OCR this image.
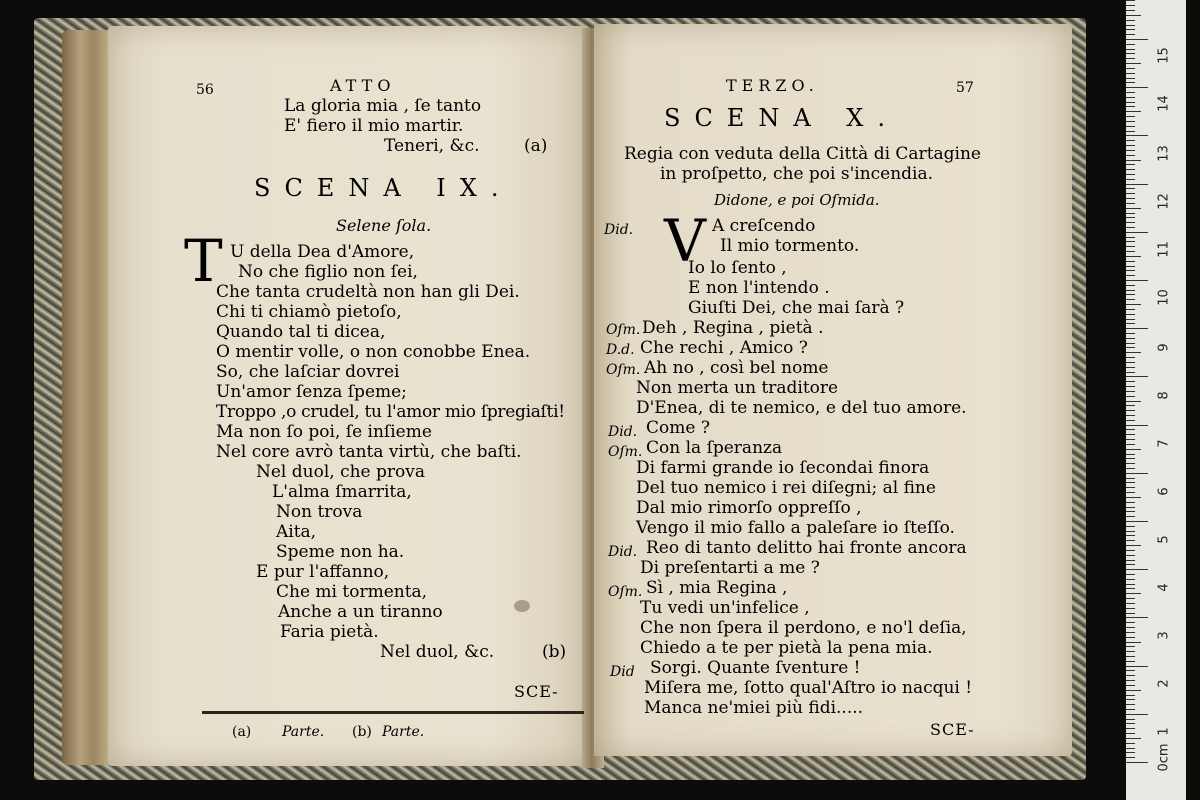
56	ATTO
La gloria mia , ſe tanto
E' fiero il mio martir.
Teneri, &c.	(a)
SCENA IX.
Selene ſola.
T U della Dea d'Amore,
No che figlio non ſei,
Che tanta crudeltà non han gli Dei.
Chi ti chiamò pietoſo,
Quando tal ti dicea,
O mentir volle, o non conobbe Enea.
So, che laſciar dovrei
Un'amor ſenza ſpeme;
Troppo ,o crudel, tu l'amor mio ſpregiaſti!
Ma non ſo poi, ſe inſieme
Nel core avrò tanta virtù, che baſti.
Nel duol, che prova
L'alma ſmarrita,
Non trova
Aita,
Speme non ha.
E pur l'affanno,
Che mi tormenta,
Anche a un tiranno
Faria pietà.
Nel duol, &c.	(b)
SCE-
(a) Parte. (b) Parte.
TERZO.	57
SCENA X.
Regia con veduta della Città di Cartagine
in proſpetto, che poi s'incendia.
Didone, e poi Oſmida.
V
Did.	A creſcendo
Il mio tormento.
Io lo ſento ,
E non l'intendo .
Giuſti Dei, che mai ſarà ?
Oſm. Deh , Regina , pietà .
D.d. Che rechi , Amico ?
Oſm. Ah no , così bel nome
Non merta un traditore
D'Enea, di te nemico, e del tuo amore.
Did. Come ?
Oſm. Con la ſperanza
Di farmi grande io ſecondai finora
Del tuo nemico i rei diſegni; al fine
Dal mio rimorſo oppreſſo ,
Vengo il mio fallo a paleſare io ſteſſo.
Did. Reo di tanto delitto hai fronte ancora
Di preſentarti a me ?
Oſm. Sì , mia Regina ,
Tu vedi un'infelice ,
Che non ſpera il perdono, e no'l deſia,
Chiedo a te per pietà la pena mia.
Did Sorgi. Quante ſventure !
Miſera me, ſotto qual'Aſtro io nacqui !
Manca ne'miei più fidi.....
SCE-
0cm
1
2
3
4
5
6
7
8
9
10
11
12
13
14
15
